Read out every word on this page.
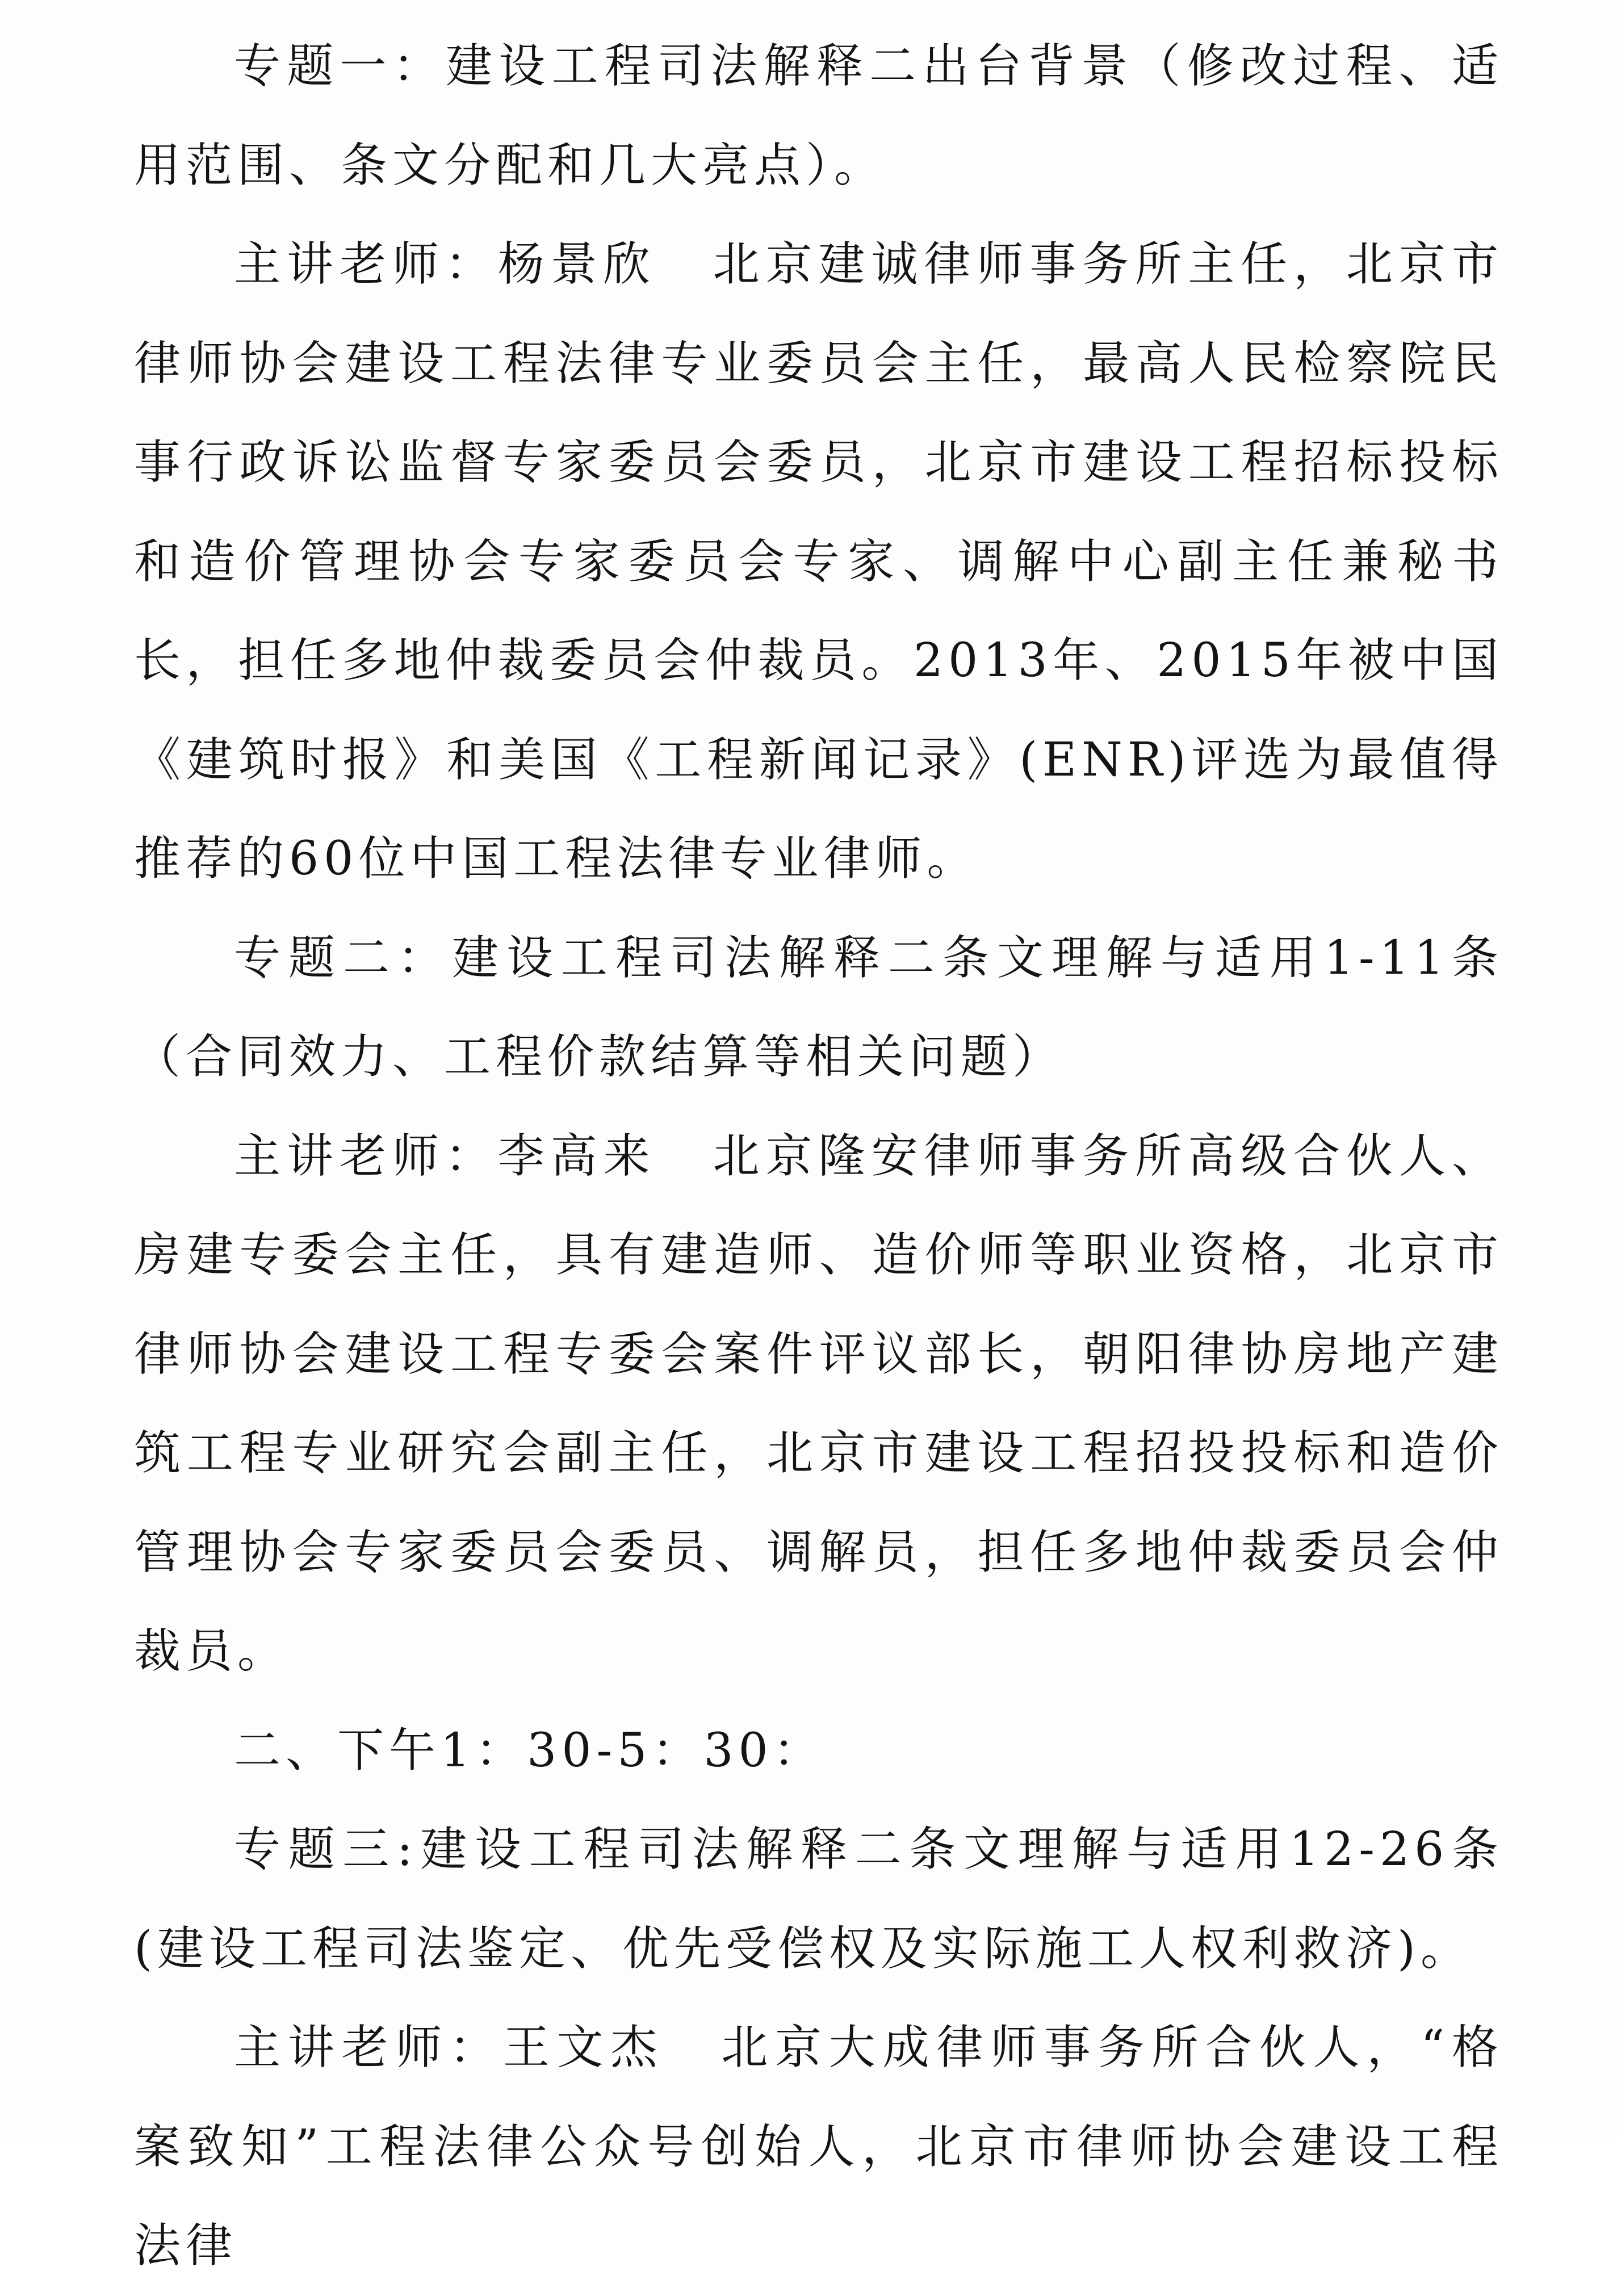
专题一：建设工程司法解释二出台背景（修改过程、适用范围、条文分配和几大亮点）。

主讲老师：杨景欣 北京建诚律师事务所主任，北京市律师协会建设工程法律专业委员会主任，最高人民检察院民事行政诉讼监督专家委员会委员，北京市建设工程招标投标和造价管理协会专家委员会专家、调解中心副主任兼秘书长，担任多地仲裁委员会仲裁员。2013年、2015年被中国《建筑时报》和美国《工程新闻记录》(ENR)评选为最值得推荐的60位中国工程法律专业律师。

专题二：建设工程司法解释二条文理解与适用1-11条（合同效力、工程价款结算等相关问题）

主讲老师：李高来 北京隆安律师事务所高级合伙人、房建专委会主任，具有建造师、造价师等职业资格，北京市律师协会建设工程专委会案件评议部长，朝阳律协房地产建筑工程专业研究会副主任，北京市建设工程招投投标和造价管理协会专家委员会委员、调解员，担任多地仲裁委员会仲裁员。

二、下午1：30-5：30：

专题三:建设工程司法解释二条文理解与适用12-26条(建设工程司法鉴定、优先受偿权及实际施工人权利救济)。

主讲老师：王文杰 北京大成律师事务所合伙人，“格案致知”工程法律公众号创始人，北京市律师协会建设工程法律
